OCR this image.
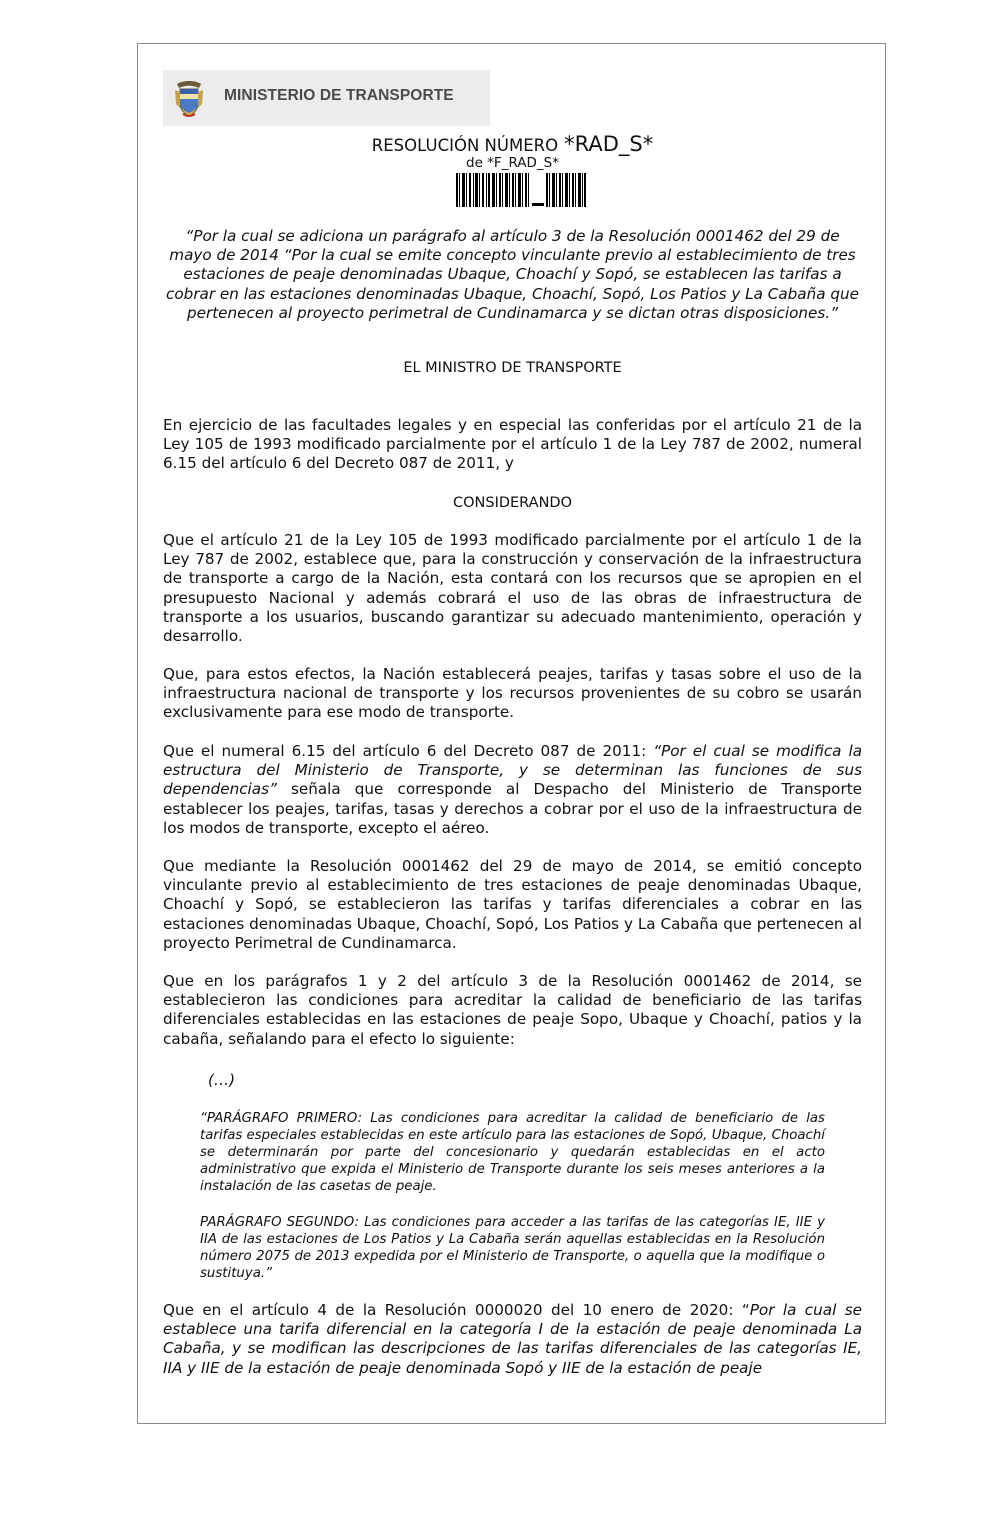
MINISTERIO DE TRANSPORTE
RESOLUCIÓN NÚMERO *RAD_S*
de *F_RAD_S*

“Por la cual se adiciona un parágrafo al artículo 3 de la Resolución 0001462 del 29 de mayo de 2014 “Por la cual se emite concepto vinculante previo al establecimiento de tres estaciones de peaje denominadas Ubaque, Choachí y Sopó, se establecen las tarifas a cobrar en las estaciones denominadas Ubaque, Choachí, Sopó, Los Patios y La Cabaña que pertenecen al proyecto perimetral de Cundinamarca y se dictan otras disposiciones.”

EL MINISTRO DE TRANSPORTE

En ejercicio de las facultades legales y en especial las conferidas por el artículo 21 de la Ley 105 de 1993 modificado parcialmente por el artículo 1 de la Ley 787 de 2002, numeral 6.15 del artículo 6 del Decreto 087 de 2011, y

CONSIDERANDO

Que el artículo 21 de la Ley 105 de 1993 modificado parcialmente por el artículo 1 de la Ley 787 de 2002, establece que, para la construcción y conservación de la infraestructura de transporte a cargo de la Nación, esta contará con los recursos que se apropien en el presupuesto Nacional y además cobrará el uso de las obras de infraestructura de transporte a los usuarios, buscando garantizar su adecuado mantenimiento, operación y desarrollo.

Que, para estos efectos, la Nación establecerá peajes, tarifas y tasas sobre el uso de la infraestructura nacional de transporte y los recursos provenientes de su cobro se usarán exclusivamente para ese modo de transporte.

Que el numeral 6.15 del artículo 6 del Decreto 087 de 2011: “Por el cual se modifica la estructura del Ministerio de Transporte, y se determinan las funciones de sus dependencias” señala que corresponde al Despacho del Ministerio de Transporte establecer los peajes, tarifas, tasas y derechos a cobrar por el uso de la infraestructura de los modos de transporte, excepto el aéreo.

Que mediante la Resolución 0001462 del 29 de mayo de 2014, se emitió concepto vinculante previo al establecimiento de tres estaciones de peaje denominadas Ubaque, Choachí y Sopó, se establecieron las tarifas y tarifas diferenciales a cobrar en las estaciones denominadas Ubaque, Choachí, Sopó, Los Patios y La Cabaña que pertenecen al proyecto Perimetral de Cundinamarca.

Que en los parágrafos 1 y 2 del artículo 3 de la Resolución 0001462 de 2014, se establecieron las condiciones para acreditar la calidad de beneficiario de las tarifas diferenciales establecidas en las estaciones de peaje Sopo, Ubaque y Choachí, patios y la cabaña, señalando para el efecto lo siguiente:

(…)

“PARÁGRAFO PRIMERO: Las condiciones para acreditar la calidad de beneficiario de las tarifas especiales establecidas en este artículo para las estaciones de Sopó, Ubaque, Choachí se determinarán por parte del concesionario y quedarán establecidas en el acto administrativo que expida el Ministerio de Transporte durante los seis meses anteriores a la instalación de las casetas de peaje.

PARÁGRAFO SEGUNDO: Las condiciones para acceder a las tarifas de las categorías IE, IIE y IIA de las estaciones de Los Patios y La Cabaña serán aquellas establecidas en la Resolución número 2075 de 2013 expedida por el Ministerio de Transporte, o aquella que la modifique o sustituya.”

Que en el artículo 4 de la Resolución 0000020 del 10 enero de 2020: “Por la cual se establece una tarifa diferencial en la categoría I de la estación de peaje denominada La Cabaña, y se modifican las descripciones de las tarifas diferenciales de las categorías IE, IIA y IIE de la estación de peaje denominada Sopó y IIE de la estación de peaje
